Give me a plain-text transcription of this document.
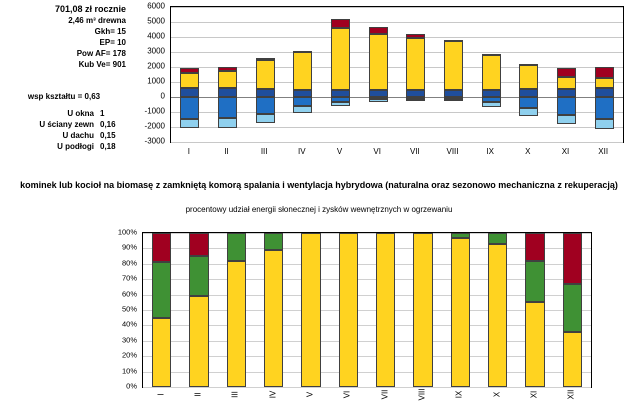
701,08 zł rocznie
2,46 m³ drewna
Gkh= 15
EP= 10
Pow AF= 178
Kub Ve= 901
wsp kształtu = 0,63
U okna 1
U ściany zewn 0,16
U dachu 0,15
U podłogi 0,18
-3000
-2000
-1000
0
1000
2000
3000
4000
5000
6000
I	II	III	IV	V	VI	VII	VIII	IX	X	XI	XII
kominek lub kocioł na biomasę z zamkniętą komorą spalania i wentylacja hybrydowa (naturalna oraz sezonowo mechaniczna z rekuperacją)
procentowy udział energii słonecznej i zysków wewnętrznych w ogrzewaniu
0%
10%
20%
30%
40%
50%
60%
70%
80%
90%
100%
I	II	III	IV	V	VI	VII	VIII	IX	X	XI	XII
